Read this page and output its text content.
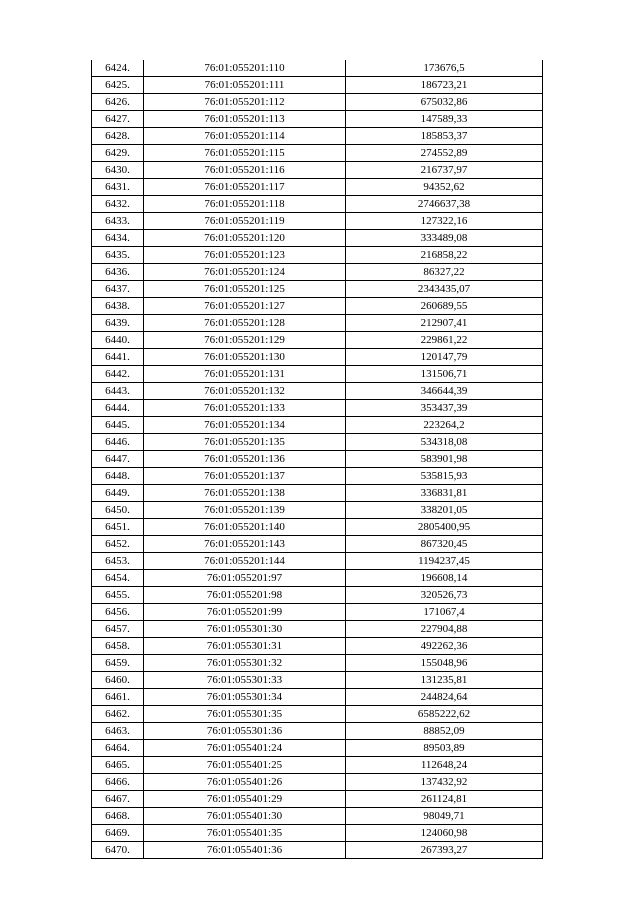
6424.	76:01:055201:110	173676,5
6425.	76:01:055201:111	186723,21
6426.	76:01:055201:112	675032,86
6427.	76:01:055201:113	147589,33
6428.	76:01:055201:114	185853,37
6429.	76:01:055201:115	274552,89
6430.	76:01:055201:116	216737,97
6431.	76:01:055201:117	94352,62
6432.	76:01:055201:118	2746637,38
6433.	76:01:055201:119	127322,16
6434.	76:01:055201:120	333489,08
6435.	76:01:055201:123	216858,22
6436.	76:01:055201:124	86327,22
6437.	76:01:055201:125	2343435,07
6438.	76:01:055201:127	260689,55
6439.	76:01:055201:128	212907,41
6440.	76:01:055201:129	229861,22
6441.	76:01:055201:130	120147,79
6442.	76:01:055201:131	131506,71
6443.	76:01:055201:132	346644,39
6444.	76:01:055201:133	353437,39
6445.	76:01:055201:134	223264,2
6446.	76:01:055201:135	534318,08
6447.	76:01:055201:136	583901,98
6448.	76:01:055201:137	535815,93
6449.	76:01:055201:138	336831,81
6450.	76:01:055201:139	338201,05
6451.	76:01:055201:140	2805400,95
6452.	76:01:055201:143	867320,45
6453.	76:01:055201:144	1194237,45
6454.	76:01:055201:97	196608,14
6455.	76:01:055201:98	320526,73
6456.	76:01:055201:99	171067,4
6457.	76:01:055301:30	227904,88
6458.	76:01:055301:31	492262,36
6459.	76:01:055301:32	155048,96
6460.	76:01:055301:33	131235,81
6461.	76:01:055301:34	244824,64
6462.	76:01:055301:35	6585222,62
6463.	76:01:055301:36	88852,09
6464.	76:01:055401:24	89503,89
6465.	76:01:055401:25	112648,24
6466.	76:01:055401:26	137432,92
6467.	76:01:055401:29	261124,81
6468.	76:01:055401:30	98049,71
6469.	76:01:055401:35	124060,98
6470.	76:01:055401:36	267393,27
